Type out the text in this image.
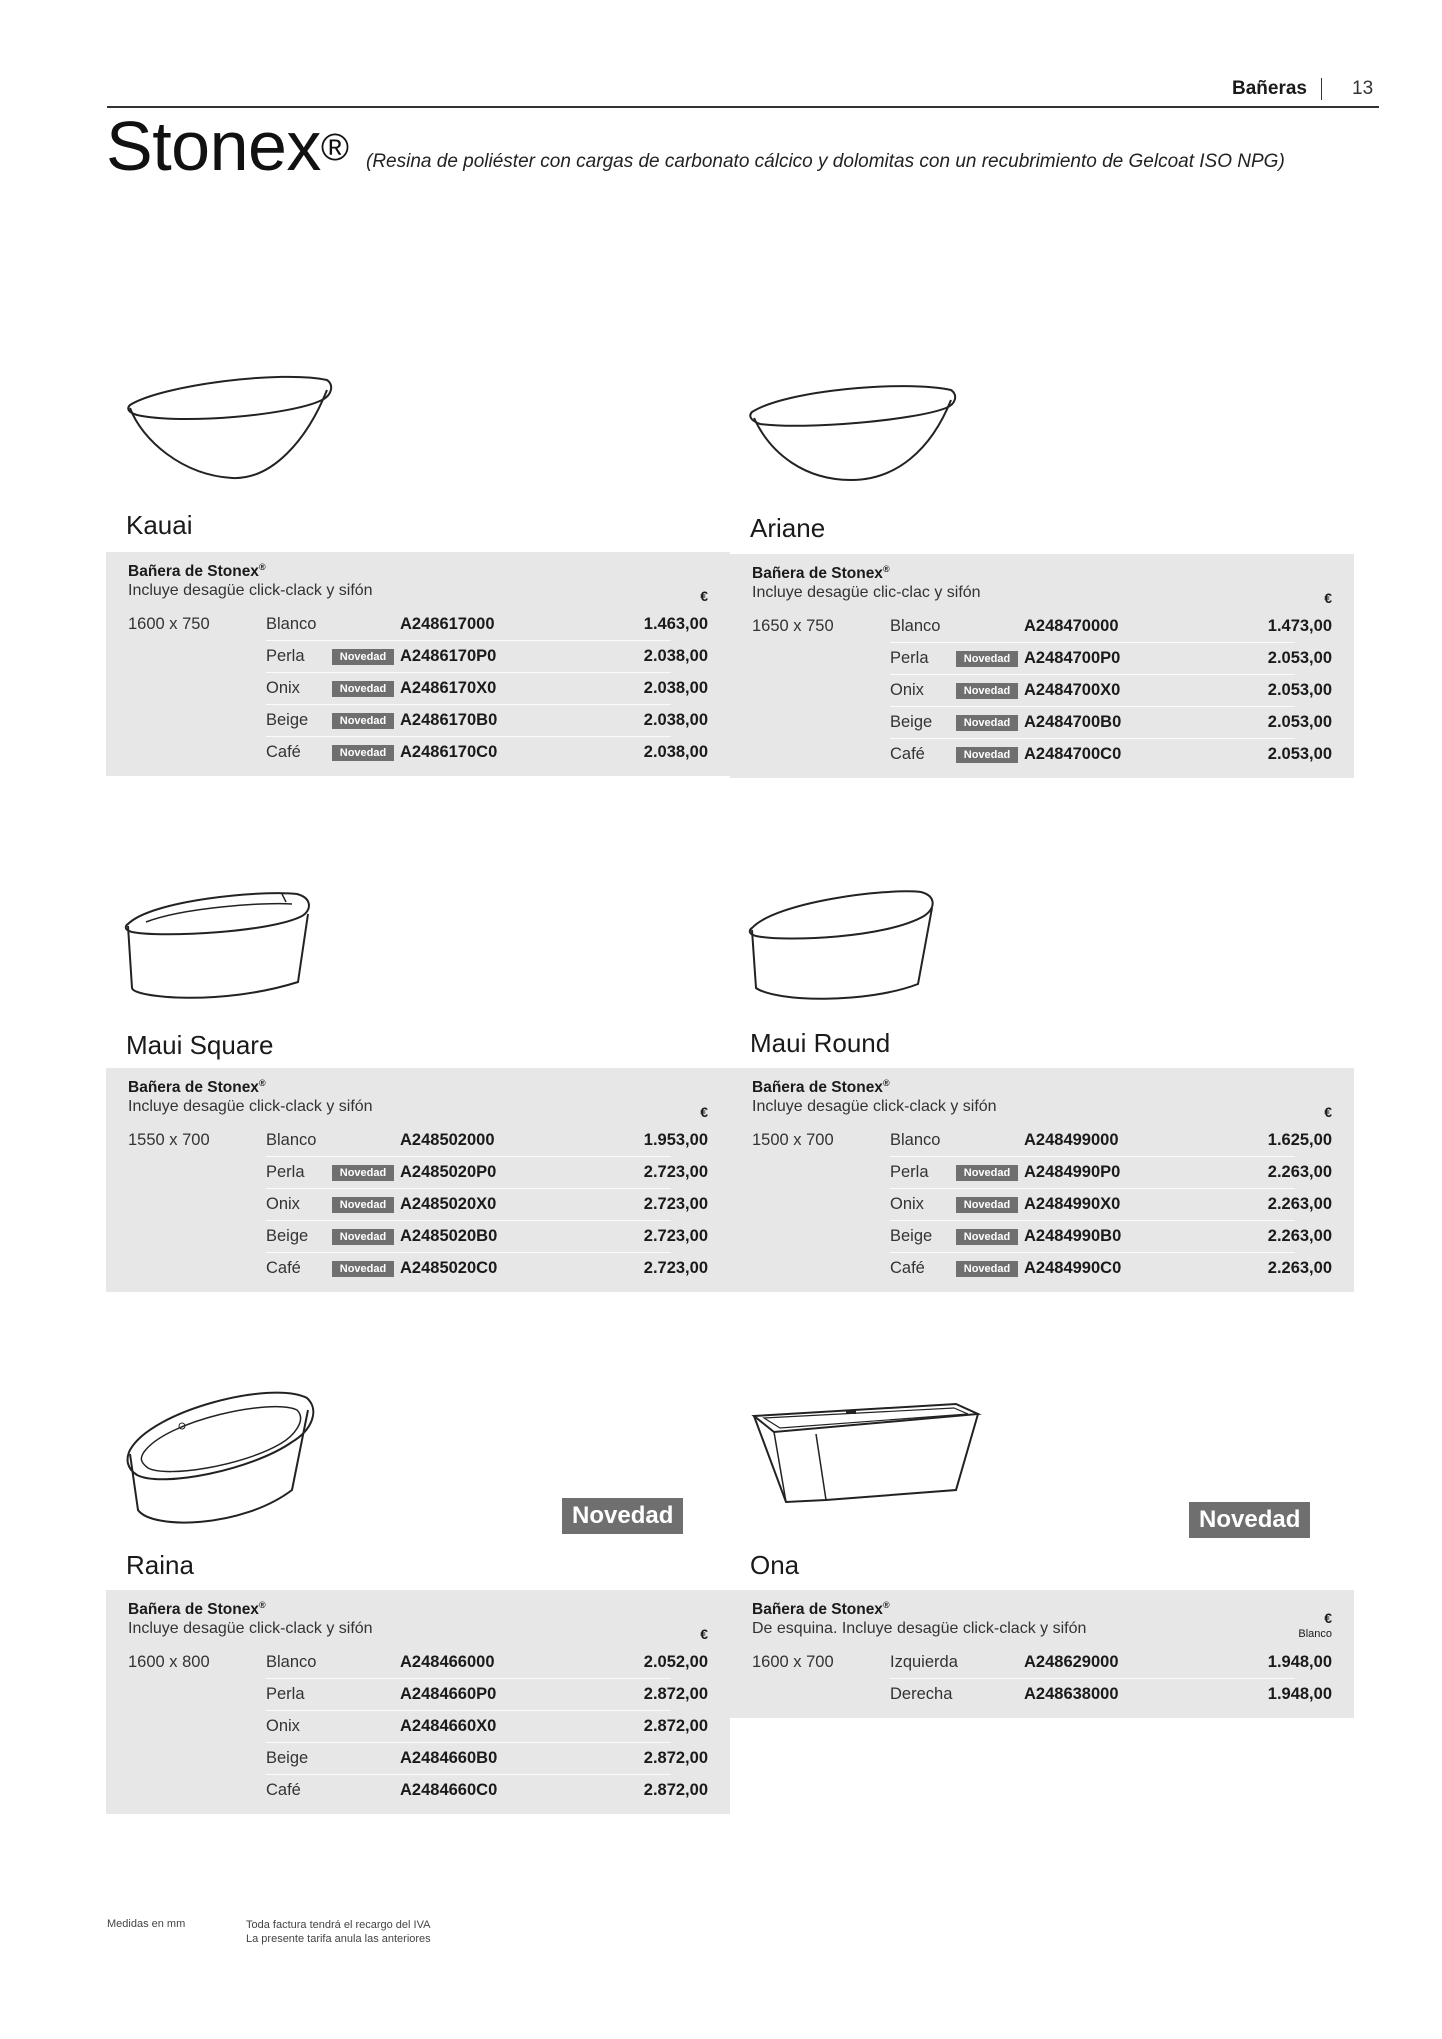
Bañeras	13
Stonex® (Resina de poliéster con cargas de carbonato cálcico y dolomitas con un recubrimiento de Gelcoat ISO NPG)
Kauai
Bañera de Stonex®
Incluye desagüe click-clack y sifón	€
1600 x 750	Blanco	A248617000	1.463,00
Perla	Novedad A2486170P0	2.038,00
Onix	Novedad A2486170X0	2.038,00
Beige	Novedad A2486170B0	2.038,00
Café	Novedad A2486170C0	2.038,00
Ariane
Bañera de Stonex®
Incluye desagüe clic-clac y sifón	€
1650 x 750	Blanco	A248470000	1.473,00
Perla	Novedad A2484700P0	2.053,00
Onix	Novedad A2484700X0	2.053,00
Beige	Novedad A2484700B0	2.053,00
Café	Novedad A2484700C0	2.053,00
Maui Square
Bañera de Stonex®
Incluye desagüe click-clack y sifón	€
1550 x 700	Blanco	A248502000	1.953,00
Perla	Novedad A2485020P0	2.723,00
Onix	Novedad A2485020X0	2.723,00
Beige	Novedad A2485020B0	2.723,00
Café	Novedad A2485020C0	2.723,00
Maui Round
Bañera de Stonex®
Incluye desagüe click-clack y sifón	€
1500 x 700	Blanco	A248499000	1.625,00
Perla	Novedad A2484990P0	2.263,00
Onix	Novedad A2484990X0	2.263,00
Beige	Novedad A2484990B0	2.263,00
Café	Novedad A2484990C0	2.263,00
Novedad
Raina
Bañera de Stonex®
Incluye desagüe click-clack y sifón	€
1600 x 800	Blanco	A248466000	2.052,00
Perla	A2484660P0	2.872,00
Onix	A2484660X0	2.872,00
Beige	A2484660B0	2.872,00
Café	A2484660C0	2.872,00
Novedad
Ona
Bañera de Stonex®
De esquina. Incluye desagüe click-clack y sifón
€
Blanco
1600 x 700	Izquierda	A248629000	1.948,00
Derecha	A248638000	1.948,00
Medidas en mm	Toda factura tendrá el recargo del IVA
La presente tarifa anula las anteriores
